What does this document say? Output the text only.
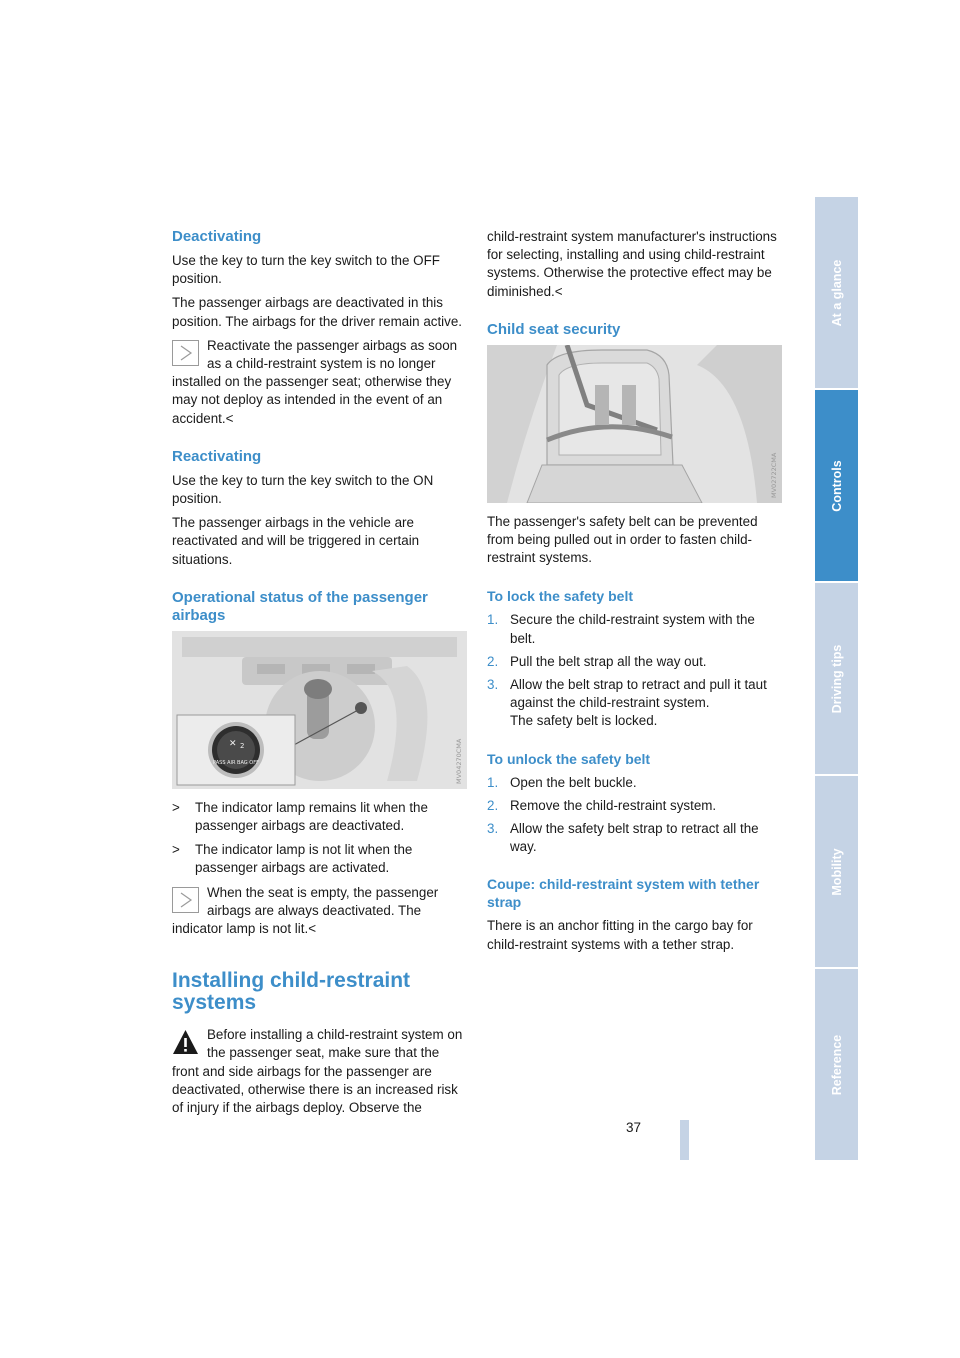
Deactivating

Use the key to turn the key switch to the OFF position.

The passenger airbags are deactivated in this position. The airbags for the driver remain active.

Reactivate the passenger airbags as soon as a child-restraint system is no longer installed on the passenger seat; otherwise they may not deploy as intended in the event of an accident.<
Reactivating

Use the key to turn the key switch to the ON position.

The passenger airbags in the vehicle are reactivated and will be triggered in certain situations.

Operational status of the passenger airbags
✕ 2
PASS AIR BAG OFF	MV04270CMA
> The indicator lamp remains lit when the passenger airbags are deactivated.
> The indicator lamp is not lit when the passenger airbags are activated.
When the seat is empty, the passenger airbags are always deactivated. The indicator lamp is not lit.<
Installing child-restraint systems
Before installing a child-restraint system on the passenger seat, make sure that the front and side airbags for the passenger are deactivated, otherwise there is an increased risk of injury if the airbags deploy. Observe the

child-restraint system manufacturer's instructions for selecting, installing and using child-restraint systems. Otherwise the protective effect may be diminished.<

Child seat security
MV02722CMA

The passenger's safety belt can be prevented from being pulled out in order to fasten child-restraint systems.

To lock the safety belt
1. Secure the child-restraint system with the belt.
2. Pull the belt strap all the way out.
3. Allow the belt strap to retract and pull it taut against the child-restraint system.
The safety belt is locked.
To unlock the safety belt
1. Open the belt buckle.
2. Remove the child-restraint system.
3. Allow the safety belt strap to retract all the way.
Coupe: child-restraint system with tether strap

There is an anchor fitting in the cargo bay for child-restraint systems with a tether strap.

At a glance
Controls
Driving tips
Mobility
Reference
37
